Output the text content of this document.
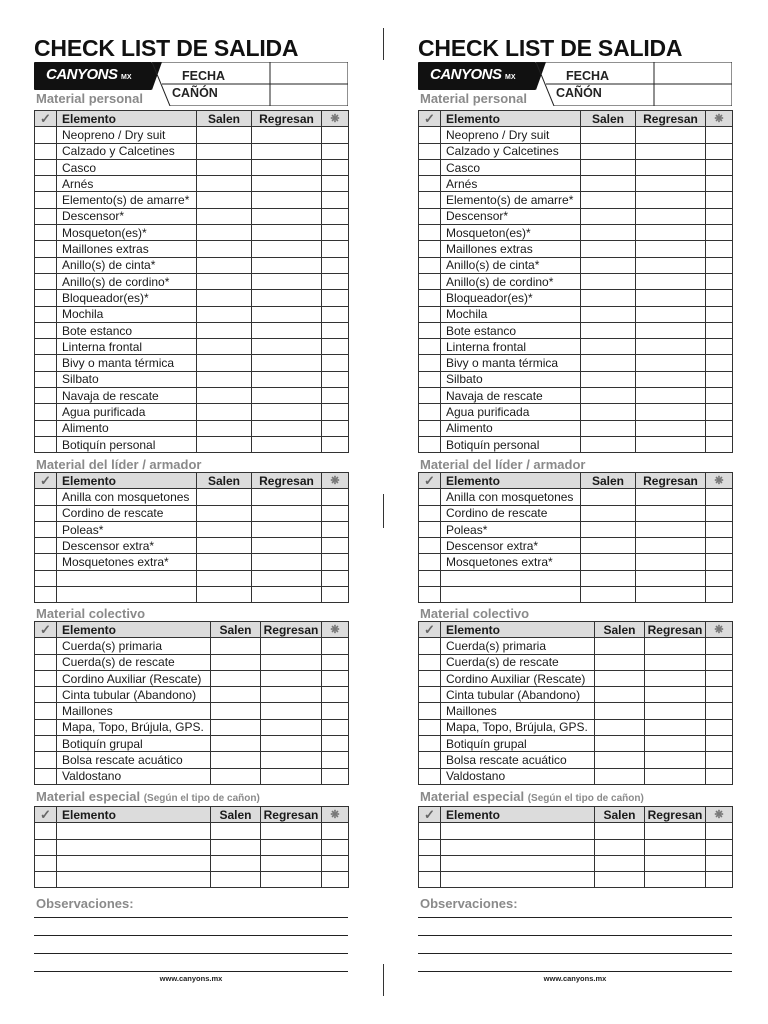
CHECK LIST DE SALIDA
CANYONS MX	FECHA
CAÑÓN
Material personal
✓	Elemento	Salen	Regresan	❋
	Neopreno / Dry suit			
	Calzado y Calcetines			
	Casco			
	Arnés			
	Elemento(s) de amarre*			
	Descensor*			
	Mosqueton(es)*			
	Maillones extras			
	Anillo(s) de cinta*			
	Anillo(s) de cordino*			
	Bloqueador(es)*			
	Mochila			
	Bote estanco			
	Linterna frontal			
	Bivy o manta térmica			
	Silbato			
	Navaja de rescate			
	Agua purificada			
	Alimento			
	Botiquín personal			
Material del líder / armador
✓	Elemento	Salen	Regresan	❋
	Anilla con mosquetones			
	Cordino de rescate			
	Poleas*			
	Descensor extra*			
	Mosquetones extra*			

Material colectivo
✓	Elemento	Salen	Regresan	❋
	Cuerda(s) primaria			
	Cuerda(s) de rescate			
	Cordino Auxiliar (Rescate)			
	Cinta tubular (Abandono)			
	Maillones			
	Mapa, Topo, Brújula, GPS.			
	Botiquín grupal			
	Bolsa rescate acuático			
	Valdostano			
Material especial (Según el tipo de cañon)
✓	Elemento	Salen	Regresan	❋

Observaciones:
www.canyons.mx
CHECK LIST DE SALIDA
CANYONS MX	FECHA
CAÑÓN
Material personal
✓	Elemento	Salen	Regresan	❋
	Neopreno / Dry suit			
	Calzado y Calcetines			
	Casco			
	Arnés			
	Elemento(s) de amarre*			
	Descensor*			
	Mosqueton(es)*			
	Maillones extras			
	Anillo(s) de cinta*			
	Anillo(s) de cordino*			
	Bloqueador(es)*			
	Mochila			
	Bote estanco			
	Linterna frontal			
	Bivy o manta térmica			
	Silbato			
	Navaja de rescate			
	Agua purificada			
	Alimento			
	Botiquín personal			
Material del líder / armador
✓	Elemento	Salen	Regresan	❋
	Anilla con mosquetones			
	Cordino de rescate			
	Poleas*			
	Descensor extra*			
	Mosquetones extra*			

Material colectivo
✓	Elemento	Salen	Regresan	❋
	Cuerda(s) primaria			
	Cuerda(s) de rescate			
	Cordino Auxiliar (Rescate)			
	Cinta tubular (Abandono)			
	Maillones			
	Mapa, Topo, Brújula, GPS.			
	Botiquín grupal			
	Bolsa rescate acuático			
	Valdostano			
Material especial (Según el tipo de cañon)
✓	Elemento	Salen	Regresan	❋

Observaciones:
www.canyons.mx
